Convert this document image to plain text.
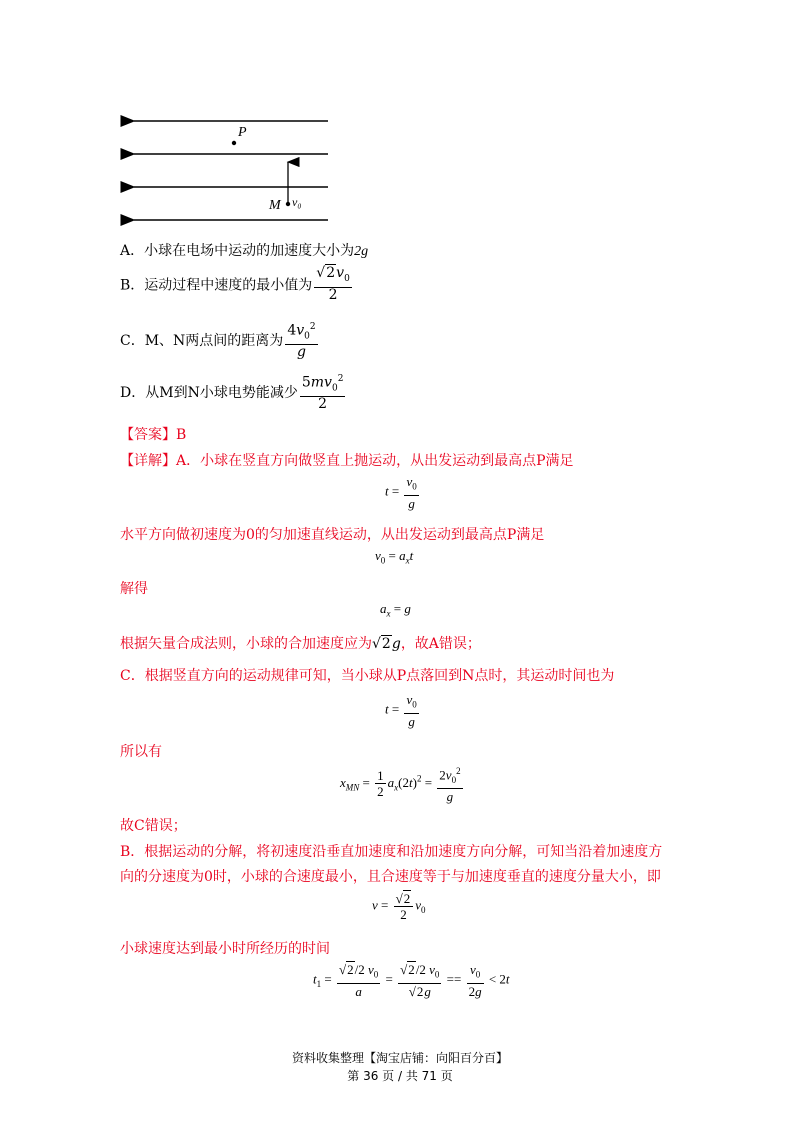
P
M v₀
A．小球在电场中运动的加速度大小为2g
B．运动过程中速度的最小值为 $\frac{√2v_0}{2}$
C．M、N两点间的距离为 $\frac{4v_0^2}{g}$
D．从M到N小球电势能减少 $\frac{5mv_0^2}{2}$
【答案】B
【详解】A．小球在竖直方向做竖直上抛运动，从出发运动到最高点P满足
$t = \frac{v_0}{g}$
水平方向做初速度为0的匀加速直线运动，从出发运动到最高点P满足
$v_0 = a_xt$
解得
$a_x = g$
根据矢量合成法则，小球的合加速度应为√2g，故A错误；
C．根据竖直方向的运动规律可知，当小球从P点落回到N点时，其运动时间也为
$t = \frac{v_0}{g}$
所以有
$x_{MN} = \frac{1}{2} a_x(2t)^2 = \frac{2v_0^2}{g}$
故C错误；
B．根据运动的分解，将初速度沿垂直加速度和沿加速度方向分解，可知当沿着加速度方
向的分速度为0时，小球的合速度最小，且合速度等于与加速度垂直的速度分量大小，即
$v = \frac{√2}{2} v_0$
小球速度达到最小时所经历的时间
$t_1 = \frac{√2/2 v_0}{a} = \frac{√2/2 v_0}{√2g} == \frac{v_0}{2g} < 2t$
资料收集整理【淘宝店铺：向阳百分百】
第 36 页 / 共 71 页
